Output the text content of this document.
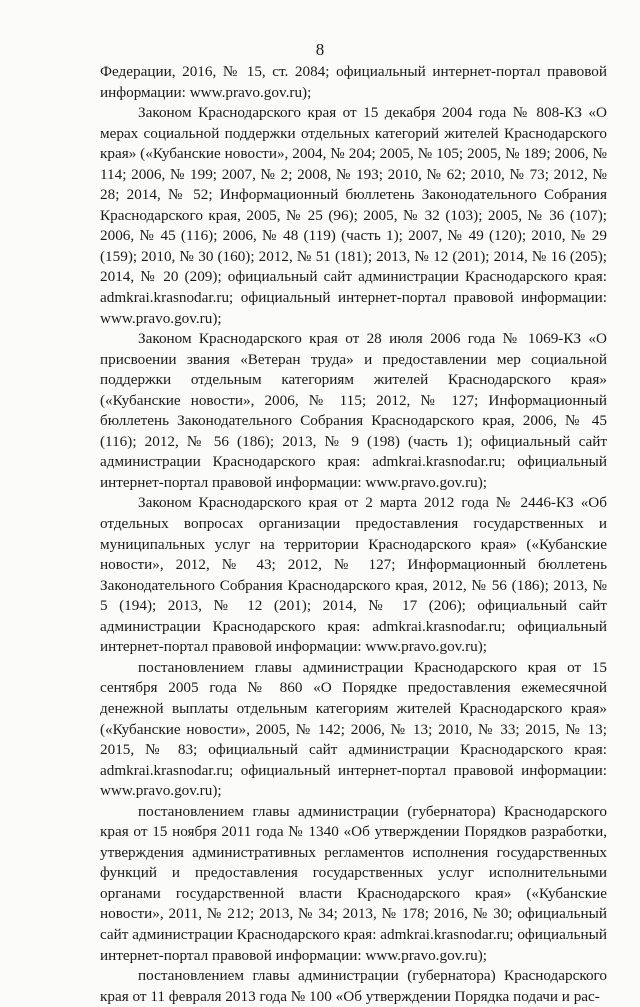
8

Федерации, 2016, № 15, ст. 2084; официальный интернет-портал правовой информации: www.pravo.gov.ru);

Законом Краснодарского края от 15 декабря 2004 года № 808-КЗ «О мерах социальной поддержки отдельных категорий жителей Краснодарского края» («Кубанские новости», 2004, № 204; 2005, № 105; 2005, № 189; 2006, № 114; 2006, № 199; 2007, № 2; 2008, № 193; 2010, № 62; 2010, № 73; 2012, № 28; 2014, № 52; Информационный бюллетень Законодательного Собрания Краснодарского края, 2005, № 25 (96); 2005, № 32 (103); 2005, № 36 (107); 2006, № 45 (116); 2006, № 48 (119) (часть 1); 2007, № 49 (120); 2010, № 29 (159); 2010, № 30 (160); 2012, № 51 (181); 2013, № 12 (201); 2014, № 16 (205); 2014, № 20 (209); официальный сайт администрации Краснодарского края: admkrai.krasnodar.ru; официальный интернет-портал правовой информации: www.pravo.gov.ru);

Законом Краснодарского края от 28 июля 2006 года № 1069-КЗ «О присвоении звания «Ветеран труда» и предоставлении мер социальной поддержки отдельным категориям жителей Краснодарского края» («Кубанские новости», 2006, № 115; 2012, № 127; Информационный бюллетень Законодательного Собрания Краснодарского края, 2006, № 45 (116); 2012, № 56 (186); 2013, № 9 (198) (часть 1); официальный сайт администрации Краснодарского края: admkrai.krasnodar.ru; официальный интернет-портал правовой информации: www.pravo.gov.ru);

Законом Краснодарского края от 2 марта 2012 года № 2446-КЗ «Об отдельных вопросах организации предоставления государственных и муниципальных услуг на территории Краснодарского края» («Кубанские новости», 2012, № 43; 2012, № 127; Информационный бюллетень Законодательного Собрания Краснодарского края, 2012, № 56 (186); 2013, № 5 (194); 2013, № 12 (201); 2014, № 17 (206); официальный сайт администрации Краснодарского края: admkrai.krasnodar.ru; официальный интернет-портал правовой информации: www.pravo.gov.ru);

постановлением главы администрации Краснодарского края от 15 сентября 2005 года № 860 «О Порядке предоставления ежемесячной денежной выплаты отдельным категориям жителей Краснодарского края» («Кубанские новости», 2005, № 142; 2006, № 13; 2010, № 33; 2015, № 13; 2015, № 83; официальный сайт администрации Краснодарского края: admkrai.krasnodar.ru; официальный интернет-портал правовой информации: www.pravo.gov.ru);

постановлением главы администрации (губернатора) Краснодарского края от 15 ноября 2011 года № 1340 «Об утверждении Порядков разработки, утверждения административных регламентов исполнения государственных функций и предоставления государственных услуг исполнительными органами государственной власти Краснодарского края» («Кубанские новости», 2011, № 212; 2013, № 34; 2013, № 178; 2016, № 30; официальный сайт администрации Краснодарского края: admkrai.krasnodar.ru; официальный интернет-портал правовой информации: www.pravo.gov.ru);

постановлением главы администрации (губернатора) Краснодарского края от 11 февраля 2013 года № 100 «Об утверждении Порядка подачи и рас-
